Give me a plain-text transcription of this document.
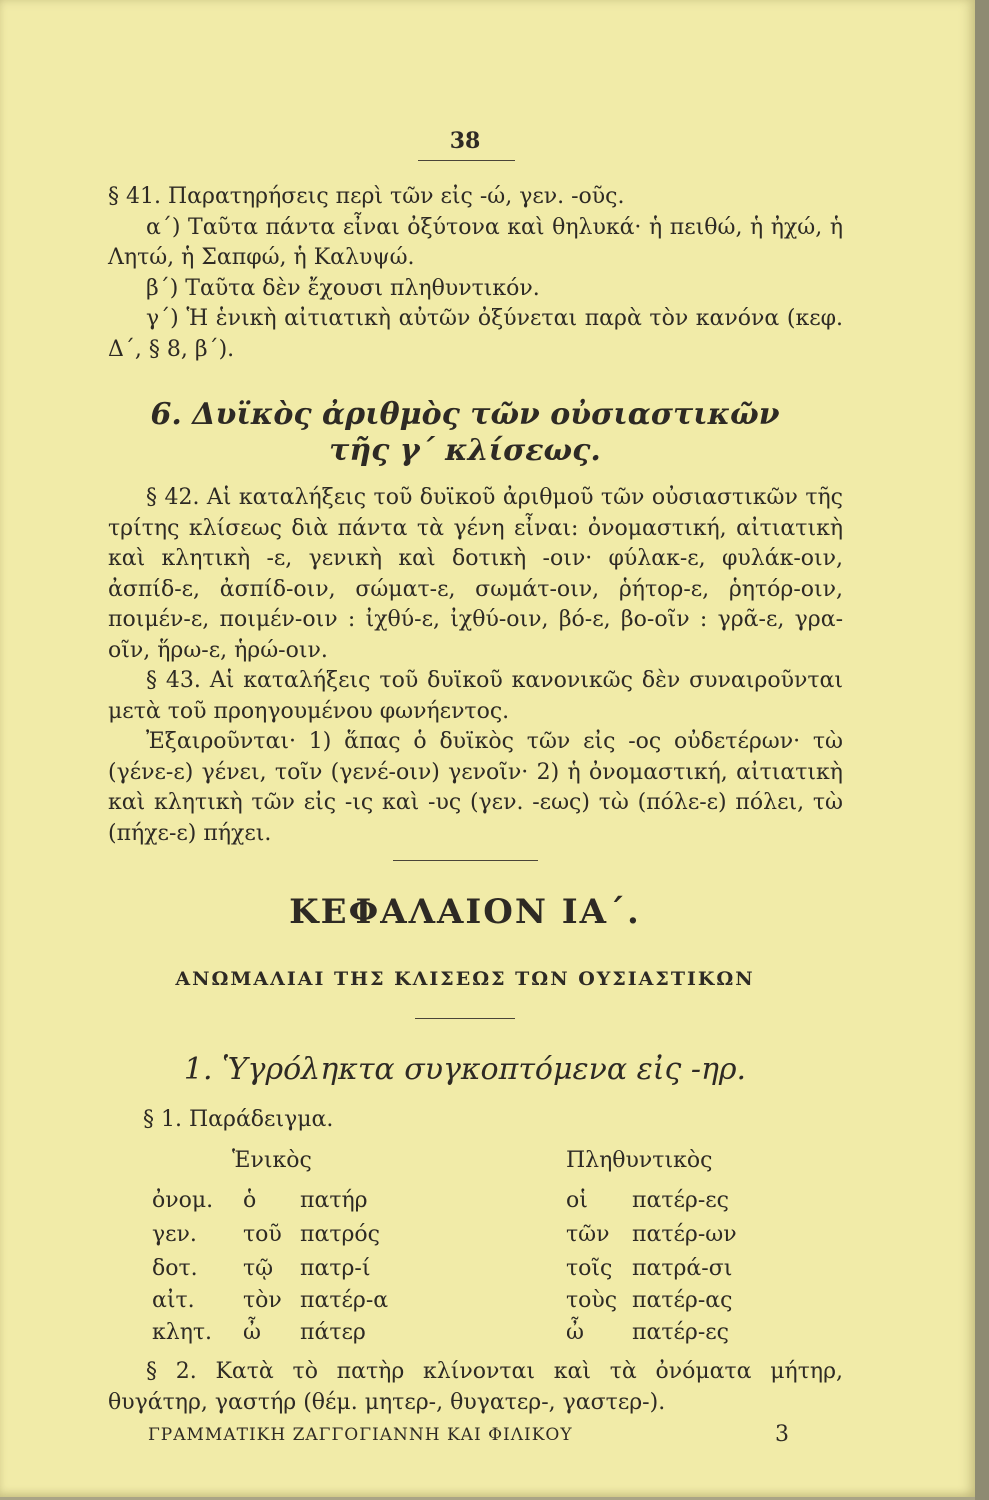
38

§ 41. Παρατηρήσεις περὶ τῶν εἰς -ώ, γεν. -οῦς.

α΄) Ταῦτα πάντα εἶναι ὀξύτονα καὶ θηλυκά· ἡ πειθώ, ἡ ἠχώ, ἡ Λητώ, ἡ Σαπφώ, ἡ Καλυψώ.

β΄) Ταῦτα δὲν ἔχουσι πληθυντικόν.

γ΄) Ἡ ἑνικὴ αἰτιατικὴ αὐτῶν ὀξύνεται παρὰ τὸν κανόνα (κεφ. Δ΄, § 8, β΄).

6. Δυϊκὸς ἀριθμὸς τῶν οὐσιαστικῶν
τῆς γ΄ κλίσεως.

§ 42. Αἱ καταλήξεις τοῦ δυϊκοῦ ἀριθμοῦ τῶν οὐσιαστικῶν τῆς τρίτης κλίσεως διὰ πάντα τὰ γένη εἶναι: ὀνομαστική, αἰτιατικὴ καὶ κλητικὴ -ε, γενικὴ καὶ δοτικὴ -οιν· φύλακ-ε, φυλάκ-οιν, ἀσπίδ-ε, ἀσπίδ-οιν, σώματ-ε, σωμάτ-οιν, ῥήτορ-ε, ῥητόρ-οιν, ποιμέν-ε, ποιμέν-οιν : ἰχθύ-ε, ἰχθύ-οιν, βό-ε, βο-οῖν : γρᾶ-ε, γρα-οῖν, ἥρω-ε, ἡρώ-οιν.

§ 43. Αἱ καταλήξεις τοῦ δυϊκοῦ κανονικῶς δὲν συναιροῦνται μετὰ τοῦ προηγουμένου φωνήεντος.

Ἐξαιροῦνται· 1) ἅπας ὁ δυϊκὸς τῶν εἰς -ος οὐδετέρων· τὼ (γένε-ε) γένει, τοῖν (γενέ-οιν) γενοῖν· 2) ἡ ὀνομαστική, αἰτιατικὴ καὶ κλητικὴ τῶν εἰς -ις καὶ -υς (γεν. -εως) τὼ (πόλε-ε) πόλει, τὼ (πήχε-ε) πήχει.

ΚΕΦΑΛΑΙΟΝ ΙΑ΄.
ΑΝΩΜΑΛΙΑΙ ΤΗΣ ΚΛΙΣΕΩΣ ΤΩΝ ΟΥΣΙΑΣΤΙΚΩΝ
1. Ὑγρόληκτα συγκοπτόμενα εἰς -ηρ.
§ 1. Παράδειγμα.
Ἑνικὸς	Πληθυντικὸς
ὀνομ. ὁ πατήρ	οἱ πατέρ-ες
γεν. τοῦ πατρός	τῶν πατέρ-ων
δοτ. τῷ πατρ-ί	τοῖς πατρά-σι
αἰτ. τὸν πατέρ-α	τοὺς πατέρ-ας
κλητ. ὦ πάτερ	ὦ πατέρ-ες

§ 2. Κατὰ τὸ πατὴρ κλίνονται καὶ τὰ ὀνόματα μήτηρ, θυγάτηρ, γαστήρ (θέμ. μητερ-, θυγατερ-, γαστερ-).

ΓΡΑΜΜΑΤΙΚΗ ΖΑΓΓΟΓΙΑΝΝΗ ΚΑΙ ΦΙΛΙΚΟΥ	3
